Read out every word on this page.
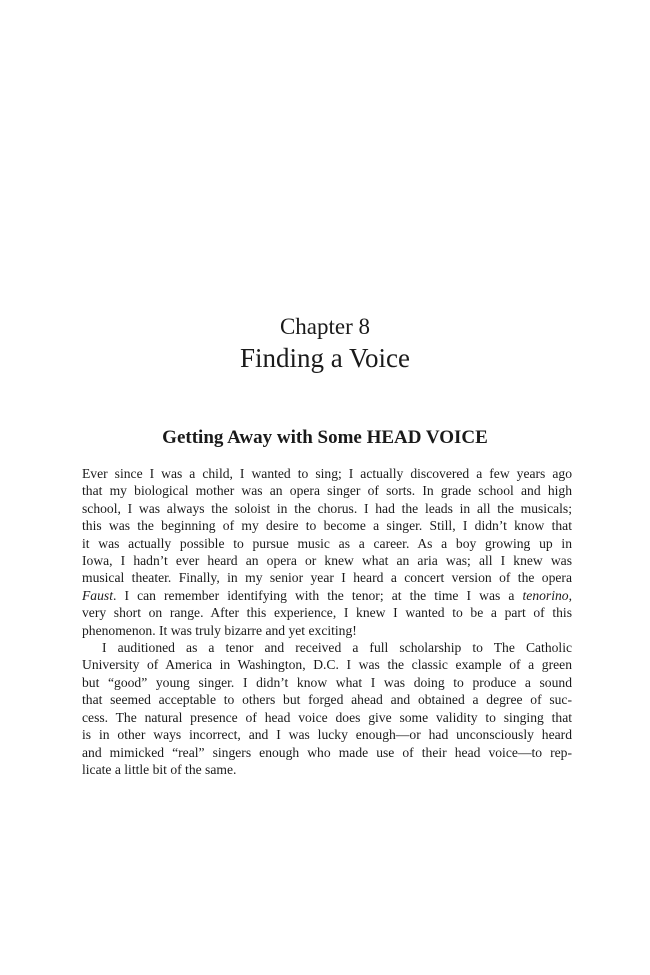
Chapter 8
Finding a Voice
Getting Away with Some HEAD VOICE
Ever since I was a child, I wanted to sing; I actually discovered a few years ago
that my biological mother was an opera singer of sorts. In grade school and high
school, I was always the soloist in the chorus. I had the leads in all the musicals;
this was the beginning of my desire to become a singer. Still, I didn’t know that
it was actually possible to pursue music as a career. As a boy growing up in
Iowa, I hadn’t ever heard an opera or knew what an aria was; all I knew was
musical theater. Finally, in my senior year I heard a concert version of the opera
Faust. I can remember identifying with the tenor; at the time I was a tenorino,
very short on range. After this experience, I knew I wanted to be a part of this
phenomenon. It was truly bizarre and yet exciting!
I auditioned as a tenor and received a full scholarship to The Catholic
University of America in Washington, D.C. I was the classic example of a green
but “good” young singer. I didn’t know what I was doing to produce a sound
that seemed acceptable to others but forged ahead and obtained a degree of suc-
cess. The natural presence of head voice does give some validity to singing that
is in other ways incorrect, and I was lucky enough—or had unconsciously heard
and mimicked “real” singers enough who made use of their head voice—to rep-
licate a little bit of the same.
